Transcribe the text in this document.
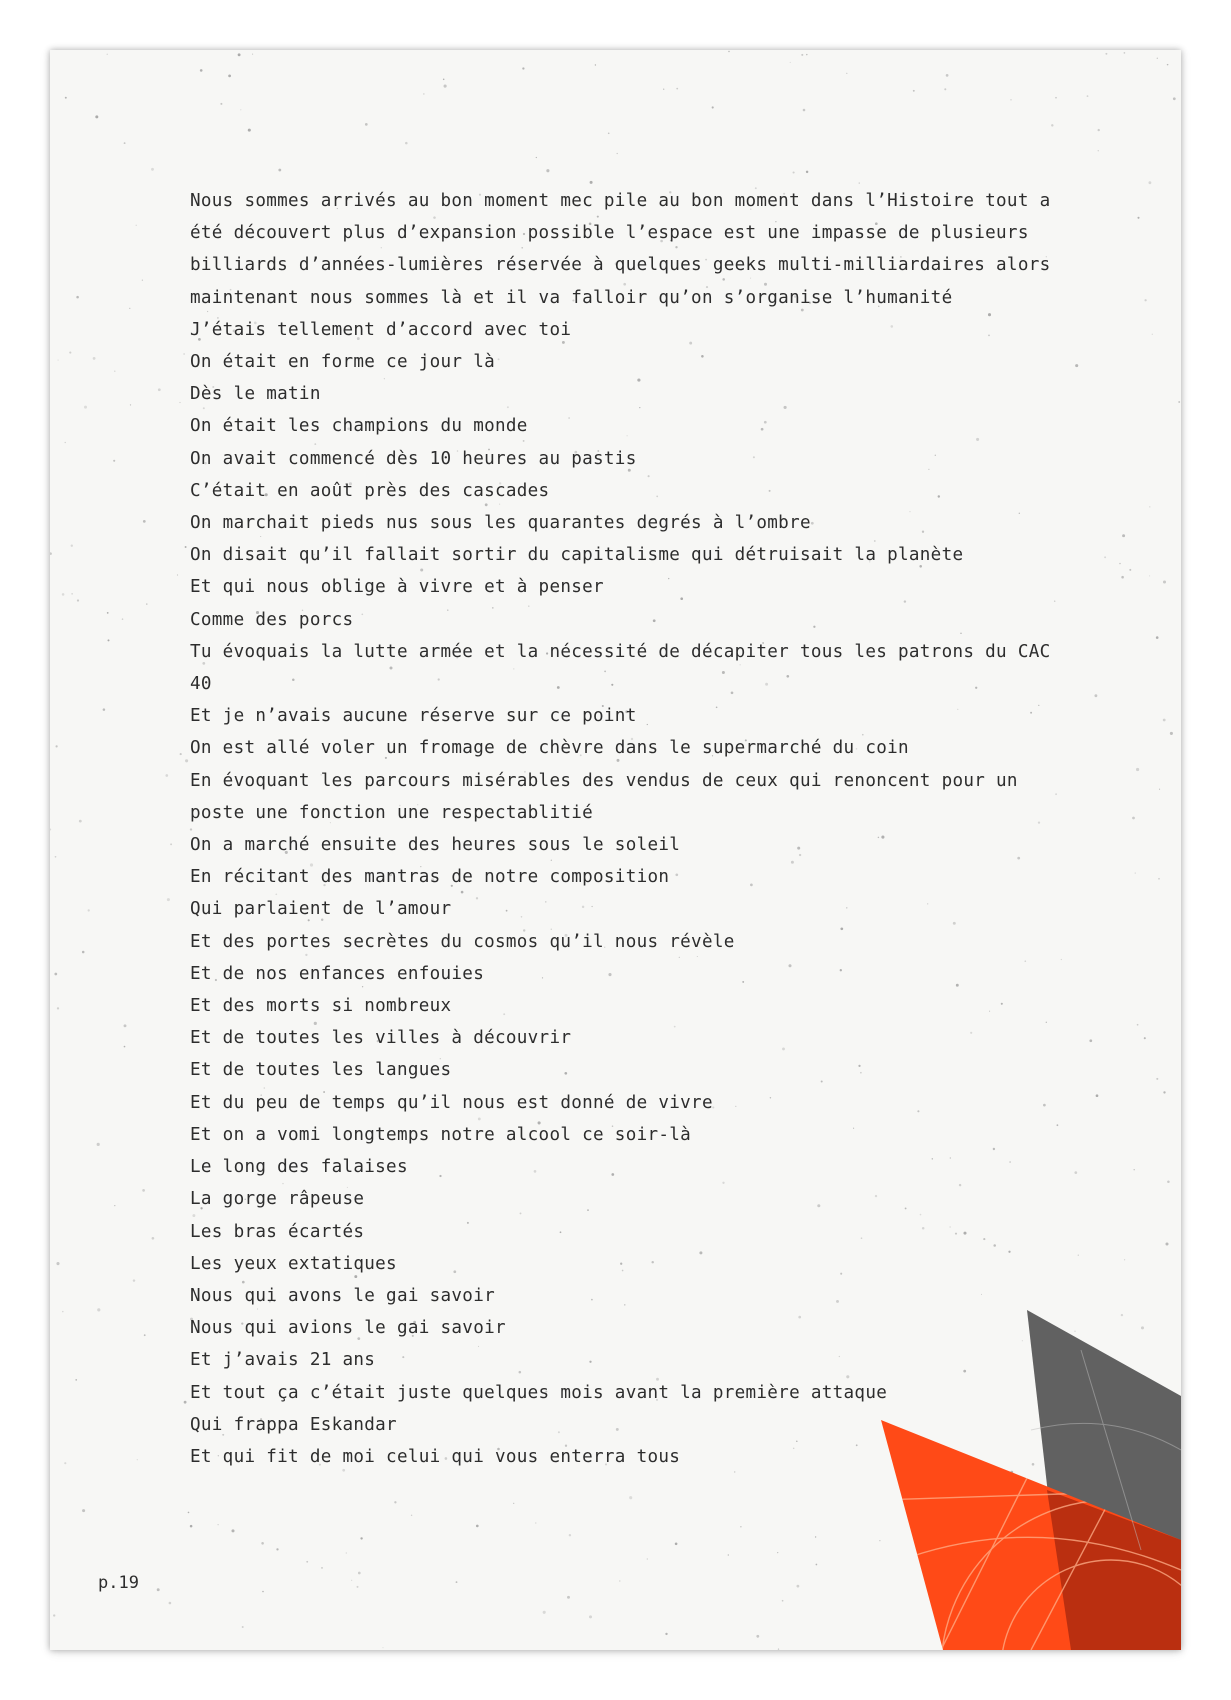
Nous sommes arrivés au bon moment mec pile au bon moment dans l’Histoire tout a été découvert plus d’expansion possible l’espace est une impasse de plusieurs billiards d’années-lumières réservée à quelques geeks multi-milliardaires alors maintenant nous sommes là et il va falloir qu’on s’organise l’humanité
J’étais tellement d’accord avec toi
On était en forme ce jour là
Dès le matin
On était les champions du monde
On avait commencé dès 10 heures au pastis
C’était en août près des cascades
On marchait pieds nus sous les quarantes degrés à l’ombre
On disait qu’il fallait sortir du capitalisme qui détruisait la planète
Et qui nous oblige à vivre et à penser
Comme des porcs
Tu évoquais la lutte armée et la nécessité de décapiter tous les patrons du CAC 40
Et je n’avais aucune réserve sur ce point
On est allé voler un fromage de chèvre dans le supermarché du coin
En évoquant les parcours misérables des vendus de ceux qui renoncent pour un poste une fonction une respectablitié
On a marché ensuite des heures sous le soleil
En récitant des mantras de notre composition
Qui parlaient de l’amour
Et des portes secrètes du cosmos qu’il nous révèle
Et de nos enfances enfouies
Et des morts si nombreux
Et de toutes les villes à découvrir
Et de toutes les langues
Et du peu de temps qu’il nous est donné de vivre
Et on a vomi longtemps notre alcool ce soir-là
Le long des falaises
La gorge râpeuse
Les bras écartés
Les yeux extatiques
Nous qui avons le gai savoir
Nous qui avions le gai savoir
Et j’avais 21 ans
Et tout ça c’était juste quelques mois avant la première attaque
Qui frappa Eskandar
Et qui fit de moi celui qui vous enterra tous
p.19
